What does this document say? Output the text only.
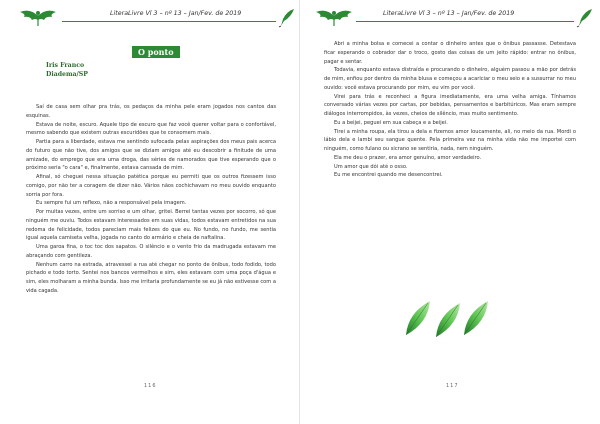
LiteraLivre Vl 3 – nº 13 – Jan/Fev. de 2019
O ponto
Iris Franco
Diadema/SP

Saí de casa sem olhar pra trás, os pedaços da minha pele eram jogados nos cantos das esquinas.

Estava de noite, escuro. Aquele tipo de escuro que faz você querer voltar para o confortável, mesmo sabendo que existem outras escuridões que te consomem mais.

Partia para a liberdade, estava me sentindo sufocada pelas aspirações dos meus pais acerca do futuro que não tive, dos amigos que se diziam amigos até eu descobrir a finitude de uma amizade, do emprego que era uma droga, das séries de namorados que tive esperando que o próximo seria "o cara" e, finalmente, estava cansada de mim.

Afinal, só cheguei nessa situação patética porque eu permiti que os outros fizessem isso comigo, por não ter a coragem de dizer não. Vários nãos cochichavam no meu ouvido enquanto sorria por fora.

Eu sempre fui um reflexo, não a responsável pela imagem.

Por muitas vezes, entre um sorriso e um olhar, gritei. Berrei tantas vezes por socorro, só que ninguém me ouviu. Todos estavam interessados em suas vidas, todos estavam entretidos na sua redoma de felicidade, todos pareciam mais felizes do que eu. No fundo, no fundo, me sentia igual aquela camiseta velha, jogada no canto do armário e cheia de naftalina.

Uma garoa fina, o toc toc dos sapatos. O silêncio e o vento frio da madrugada estavam me abraçando com gentileza.

Nenhum carro na estrada, atravessei a rua até chegar no ponto de ônibus, todo fodido, todo pichado e todo torto. Sentei nos bancos vermelhos e sim, eles estavam com uma poça d'água e sim, eles molharam a minha bunda. Isso me irritaria profundamente se eu já não estivesse com a vida cagada.

116
LiteraLivre Vl 3 – nº 13 – Jan/Fev. de 2019

Abri a minha bolsa e comecei a contar o dinheiro antes que o ônibus passasse. Detestava ficar esperando o cobrador dar o troco, gosto das coisas de um jeito rápido: entrar no ônibus, pagar e sentar.

Todavia, enquanto estava distraída e procurando o dinheiro, alguém passou a mão por detrás de mim, enfiou por dentro da minha blusa e começou a acariciar o meu seio e a sussurrar no meu ouvido: você estava procurando por mim, eu vim por você.

Virei para trás e reconheci a figura imediatamente, era uma velha amiga. Tínhamos conversado várias vezes por cartas, por bebidas, pensamentos e barbitúricos. Mas eram sempre diálogos interrompidos, às vezes, cheios de silêncio, mas muito sentimento.

Eu a beijei, peguei em sua cabeça e a beijei.

Tirei a minha roupa, ela tirou a dela e fizemos amor loucamente, ali, no meio da rua. Mordi o lábio dela e lambi seu sangue quente. Pela primeira vez na minha vida não me importei com ninguém, como fulano ou sicrano se sentiria, nada, nem ninguém.

Ela me deu o prazer, era amor genuíno, amor verdadeiro.

Um amor que dói até o osso.

Eu me encontrei quando me desencontrei.

117
